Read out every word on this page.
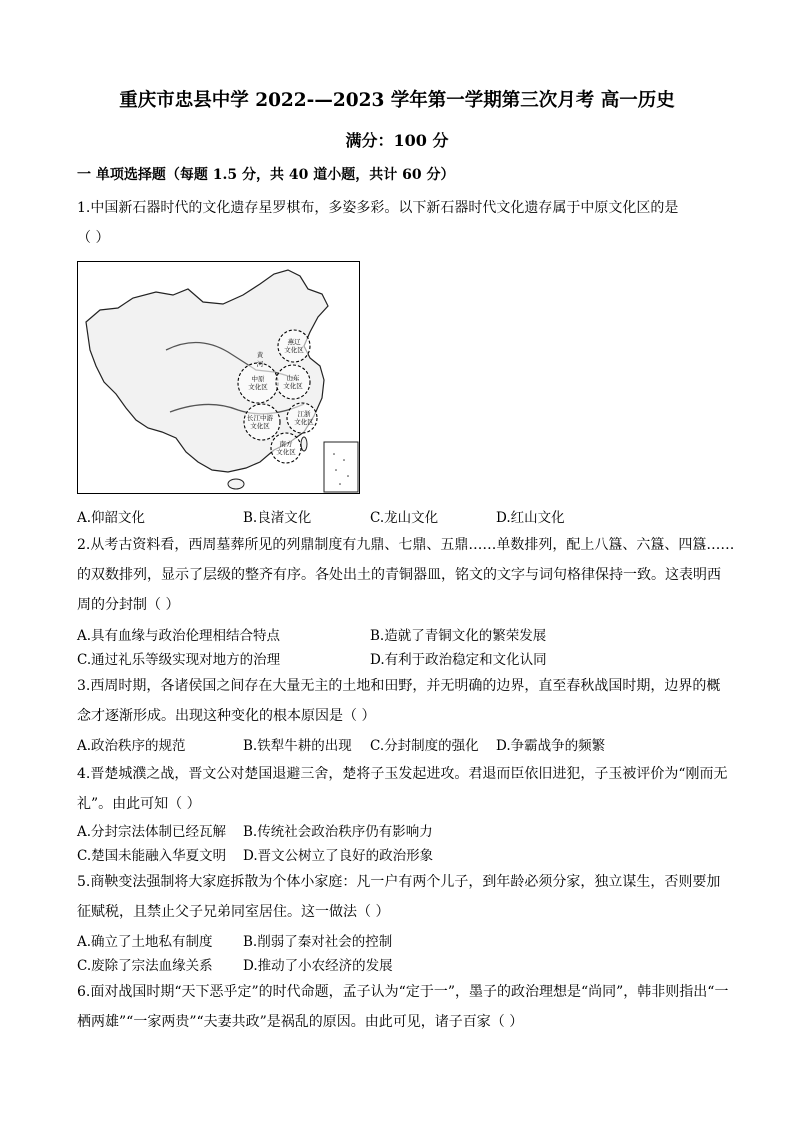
重庆市忠县中学 2022-—2023 学年第一学期第三次月考 高一历史
满分：100 分
一 单项选择题（每题 1.5 分，共 40 道小题，共计 60 分）
1.中国新石器时代的文化遗存星罗棋布，多姿多彩。以下新石器时代文化遗存属于中原文化区的是
（ ）
燕辽
文化区
中原
文化区
山东
文化区
江浙
文化区
长江中游
文化区
南方
文化区
黄
河
A.仰韶文化	B.良渚文化	C.龙山文化	D.红山文化
2.从考古资料看，西周墓葬所见的列鼎制度有九鼎、七鼎、五鼎……单数排列，配上八簋、六簋、四簋……
的双数排列，显示了层级的整齐有序。各处出土的青铜器皿，铭文的文字与词句格律保持一致。这表明西
周的分封制（ ）
A.具有血缘与政治伦理相结合特点	B.造就了青铜文化的繁荣发展
C.通过礼乐等级实现对地方的治理	D.有利于政治稳定和文化认同
3.西周时期，各诸侯国之间存在大量无主的土地和田野，并无明确的边界，直至春秋战国时期，边界的概
念才逐渐形成。出现这种变化的根本原因是（ ）
A.政治秩序的规范	B.铁犁牛耕的出现 C.分封制度的强化 D.争霸战争的频繁
4.晋楚城濮之战，晋文公对楚国退避三舍，楚将子玉发起进攻。君退而臣依旧进犯，子玉被评价为“刚而无
礼”。由此可知（ ）
A.分封宗法体制已经瓦解 B.传统社会政治秩序仍有影响力
C.楚国未能融入华夏文明 D.晋文公树立了良好的政治形象
5.商鞅变法强制将大家庭拆散为个体小家庭：凡一户有两个儿子，到年龄必须分家，独立谋生，否则要加
征赋税，且禁止父子兄弟同室居住。这一做法（ ）
A.确立了土地私有制度 B.削弱了秦对社会的控制
C.废除了宗法血缘关系 D.推动了小农经济的发展
6.面对战国时期“天下恶乎定”的时代命题，孟子认为“定于一”，墨子的政治理想是“尚同”，韩非则指出“一
栖两雄”“一家两贵”“夫妻共政”是祸乱的原因。由此可见，诸子百家（ ）
